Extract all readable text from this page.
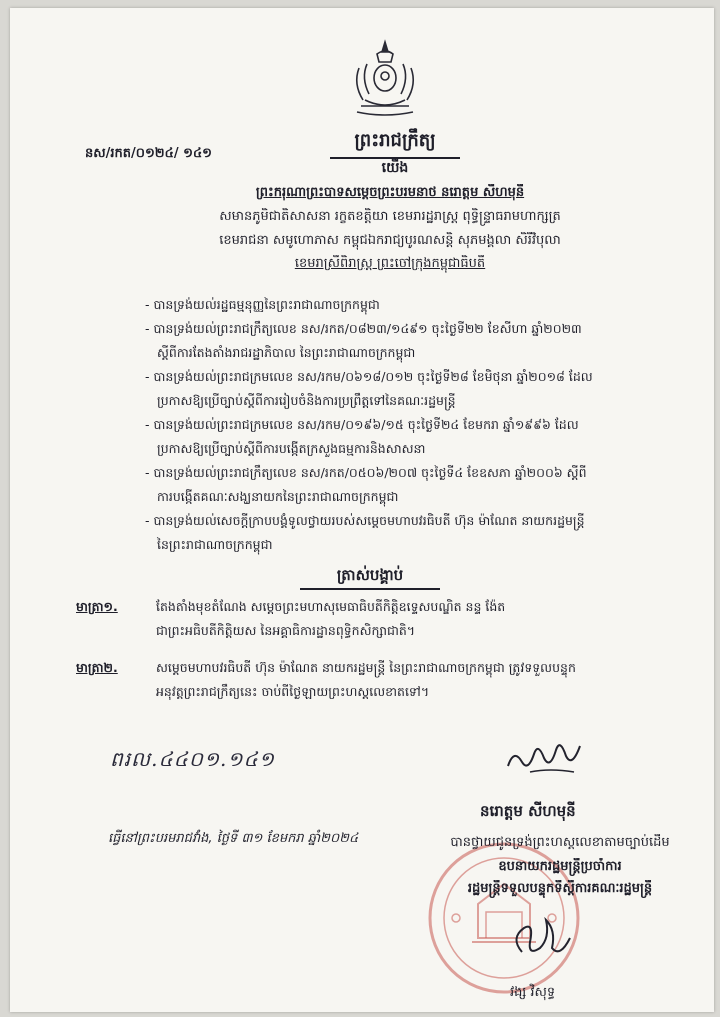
នស/រកត/០១២៤/ ១៤១
ព្រះរាជក្រឹត្យ
យើង
ព្រះករុណាព្រះបាទសម្តេចព្រះបរមនាថ នរោត្តម សីហមុនី
សមានភូមិជាតិសាសនា រក្ខតខត្តិយា ខេមរារដ្ឋរាស្ត្រ ពុទ្ធិន្ទ្រាធរាមហាក្សត្រ
ខេមរាជនា សមូហោភាស កម្ពុជឯករាជ្យបូរណសន្តិ សុភមង្គលា សិរីវិបុលា
ខេមរាស្រីពិរាស្ត្រ ព្រះចៅក្រុងកម្ពុជាធិបតី
- បានទ្រង់យល់រដ្ឋធម្មនុញ្ញនៃព្រះរាជាណាចក្រកម្ពុជា
- បានទ្រង់យល់ព្រះរាជក្រឹត្យលេខ នស/រកត/០៨២៣/១៤៩១ ចុះថ្ងៃទី២២ ខែសីហា ឆ្នាំ២០២៣
ស្តីពីការតែងតាំងរាជរដ្ឋាភិបាល នៃព្រះរាជាណាចក្រកម្ពុជា
- បានទ្រង់យល់ព្រះរាជក្រមលេខ នស/រកម/០៦១៨/០១២ ចុះថ្ងៃទី២៨ ខែមិថុនា ឆ្នាំ២០១៨ ដែល
ប្រកាសឱ្យប្រើច្បាប់ស្តីពីការរៀបចំនិងការប្រព្រឹត្តទៅនៃគណៈរដ្ឋមន្ត្រី
- បានទ្រង់យល់ព្រះរាជក្រមលេខ នស/រកម/០១៩៦/១៥ ចុះថ្ងៃទី២៤ ខែមករា ឆ្នាំ១៩៩៦ ដែល
ប្រកាសឱ្យប្រើច្បាប់ស្តីពីការបង្កើតក្រសួងធម្មការនិងសាសនា
- បានទ្រង់យល់ព្រះរាជក្រឹត្យលេខ នស/រកត/០៥០៦/២០៧ ចុះថ្ងៃទី៤ ខែឧសភា ឆ្នាំ២០០៦ ស្តីពី
ការបង្កើតគណៈសង្ឃនាយកនៃព្រះរាជាណាចក្រកម្ពុជា
- បានទ្រង់យល់សេចក្តីក្រាបបង្គំទូលថ្វាយរបស់សម្តេចមហាបវរធិបតី ហ៊ុន ម៉ាណែត នាយករដ្ឋមន្ត្រី
នៃព្រះរាជាណាចក្រកម្ពុជា
ត្រាស់បង្គាប់
មាត្រា១.	តែងតាំងមុខតំណែង សម្តេចព្រះមហាសុមេធាធិបតីកិត្តិឧទ្ទេសបណ្ឌិត នន្ទ ង៉ែត
ជាព្រះអធិបតីកិត្តិយស នៃអគ្គាធិការដ្ឋានពុទ្ធិកសិក្សាជាតិ។
មាត្រា២.	សម្តេចមហាបវរធិបតី ហ៊ុន ម៉ាណែត នាយករដ្ឋមន្ត្រី នៃព្រះរាជាណាចក្រកម្ពុជា ត្រូវទទួលបន្ទុក
អនុវត្តព្រះរាជក្រឹត្យនេះ ចាប់ពីថ្ងៃឡាយព្រះហស្តលេខាតទៅ។
ពរល.៤៤០១.១៤១
នរោត្តម សីហមុនី
ធ្វើនៅព្រះបរមរាជវាំង, ថ្ងៃទី ៣១ ខែមករា ឆ្នាំ២០២៤	បានថ្វាយជូនទ្រង់ព្រះហស្តលេខាតាមច្បាប់ដើម
ឧបនាយករដ្ឋមន្ត្រីប្រចាំការ
រដ្ឋមន្ត្រីទទួលបន្ទុកទីស្តីការគណៈរដ្ឋមន្ត្រី
វង្ស វិសុទ្ធ
